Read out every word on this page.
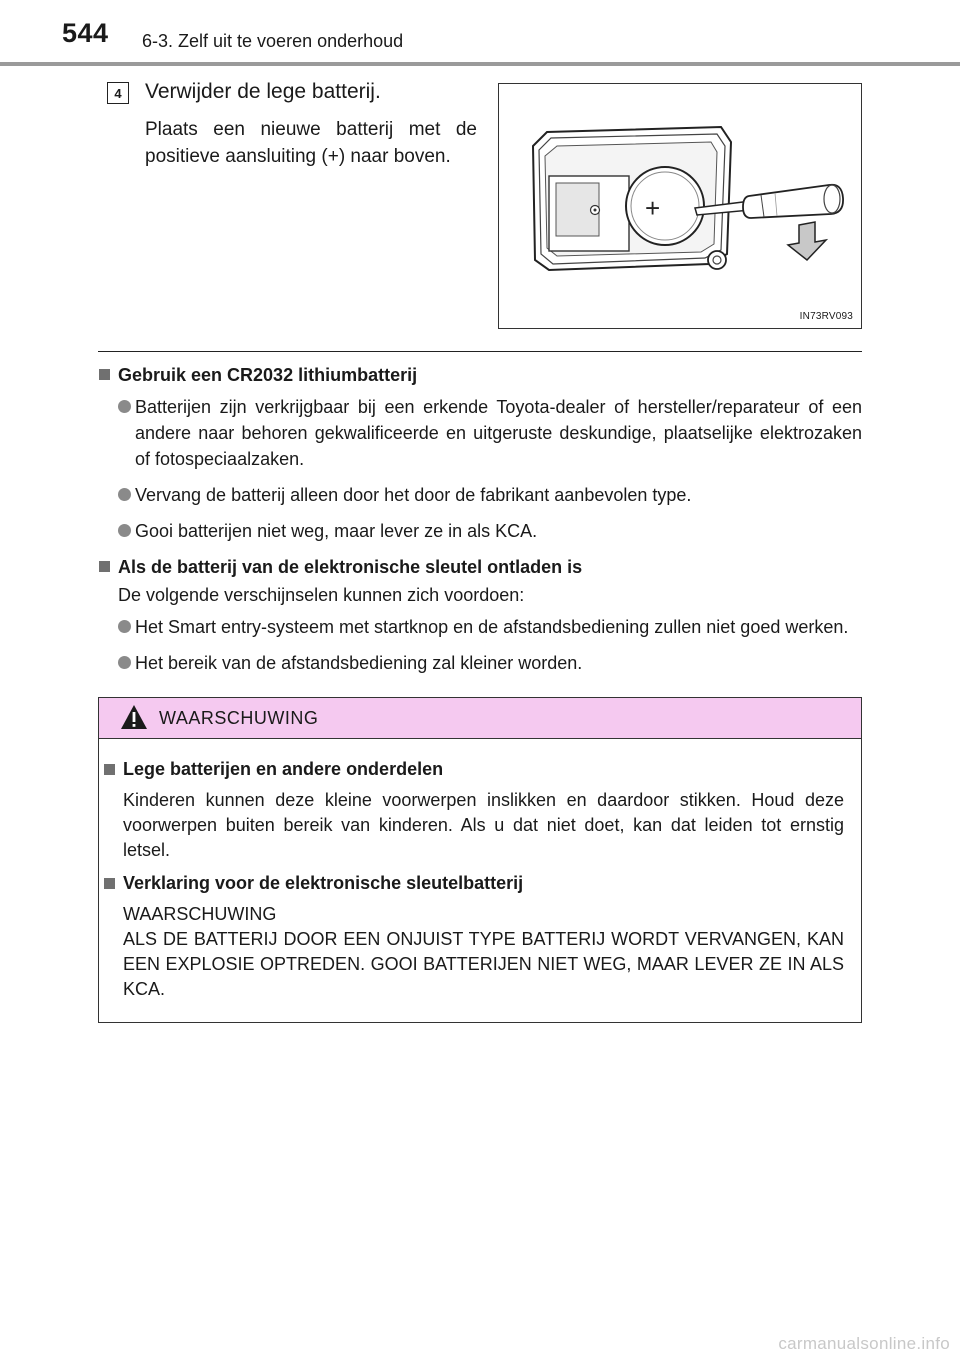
544 6-3. Zelf uit te voeren onderhoud
4	Verwijder de lege batterij.
Plaats een nieuwe batterij met de positieve aansluiting (+) naar boven.
+
IN73RV093
Gebruik een CR2032 lithiumbatterij
Batterijen zijn verkrijgbaar bij een erkende Toyota-dealer of hersteller/reparateur of een andere naar behoren gekwalificeerde en uitgeruste deskundige, plaatselijke elektrozaken of fotospeciaalzaken.
Vervang de batterij alleen door het door de fabrikant aanbevolen type.
Gooi batterijen niet weg, maar lever ze in als KCA.
Als de batterij van de elektronische sleutel ontladen is
De volgende verschijnselen kunnen zich voordoen:
Het Smart entry-systeem met startknop en de afstandsbediening zullen niet goed werken.
Het bereik van de afstandsbediening zal kleiner worden.
WAARSCHUWING
Lege batterijen en andere onderdelen
Kinderen kunnen deze kleine voorwerpen inslikken en daardoor stikken. Houd deze voorwerpen buiten bereik van kinderen. Als u dat niet doet, kan dat leiden tot ernstig letsel.
Verklaring voor de elektronische sleutelbatterij
WAARSCHUWING
ALS DE BATTERIJ DOOR EEN ONJUIST TYPE BATTERIJ WORDT VERVANGEN, KAN EEN EXPLOSIE OPTREDEN. GOOI BATTERIJEN NIET WEG, MAAR LEVER ZE IN ALS KCA.
carmanualsonline.info
